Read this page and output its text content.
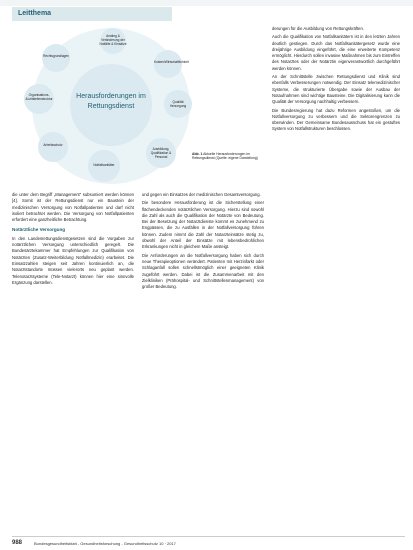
Leitthema
Herausforderungen im Rettungsdienst
Anstieg & Veränderung der Notfälle & Einsätze
Kosten/Wirtschaftlichkeit
Qualität Versorgung
Ausbildung, Qualifikation & Personal
Notfallsanitäter
Arbeitsschutz
Organisations-&Leitstellenstruktur
Rechtsgrundlagen
Abb. 1 Aktuelle Herausforderungen im Rettungsdienst (Quelle: eigene Darstellung)

die unter dem Begriff „Management“ subsumiert werden können [4]. Somit ist der Rettungsdienst nur ein Baustein der medizinischen Versorgung von Notfallpatienten und darf nicht isoliert betrachtet werden. Die Versorgung von Notfallpatienten erfordert eine ganzheitliche Betrachtung.

Notärztliche Versorgung

In den Landesrettungsdienstgesetzen sind die Vorgaben zur notärztlichen Versorgung unterschiedlich geregelt. Die Bundesärztekammer hat Empfehlungen zur Qualifikation von Notärzten (Zusatz-Weiterbildung Notfallmedizin) erarbeitet. Die Einsatzzahlen steigen seit Jahren kontinuierlich an, die Notarztstandorte müssen vielerorts neu geplant werden. Telenotarztsysteme (Tele-Notarzt) können hier eine sinnvolle Ergänzung darstellen.

und gegen ein Einsatzes der medizinischen Gesamtversorgung.

Die besondere Herausforderung ist die Sicherstellung einer flächendeckenden notärztlichen Versorgung. Hierzu sind sowohl die Zahl als auch die Qualifikation der Notärzte von Bedeutung. Bei der Besetzung der Notarztdienste kommt es zunehmend zu Engpässen, die zu Ausfällen in der Notfallversorgung führen können. Zudem nimmt die Zahl der Notarzteinsätze stetig zu, obwohl der Anteil der Einsätze mit lebensbedrohlichen Erkrankungen nicht in gleichem Maße ansteigt.

Die Anforderungen an die Notfallversorgung haben sich durch neue Therapieoptionen verändert. Patienten mit Herzinfarkt oder Schlaganfall sollen schnellstmöglich einer geeigneten Klinik zugeführt werden. Dabei ist die Zusammenarbeit mit den Zielkliniken (Prähospital- und Schnittstellenmanagement) von großer Bedeutung.

derungen für die Ausbildung von Rettungskräften.

Auch die Qualifikation von Notfallsanitätern ist in den letzten Jahren deutlich gestiegen. Durch das Notfallsanitätergesetz wurde eine dreijährige Ausbildung eingeführt, die eine erweiterte Kompetenz ermöglicht. Hierdurch sollen invasive Maßnahmen bis zum Eintreffen des Notarztes oder der Notärztin eigenverantwortlich durchgeführt werden können.

An der Schnittstelle zwischen Rettungsdienst und Klinik sind ebenfalls Verbesserungen notwendig. Der Einsatz telemedizinischer Systeme, die strukturierte Übergabe sowie der Ausbau der Notaufnahmen sind wichtige Bausteine. Die Digitalisierung kann die Qualität der Versorgung nachhaltig verbessern.

Die Bundesregierung hat dazu Reformen angestoßen, um die Notfallversorgung zu verbessern und die Sektorengrenzen zu überwinden. Der Gemeinsame Bundesausschuss hat ein gestuftes System von Notfallstrukturen beschlossen.

988	Bundesgesundheitsblatt - Gesundheitsforschung - Gesundheitsschutz 10 · 2017
